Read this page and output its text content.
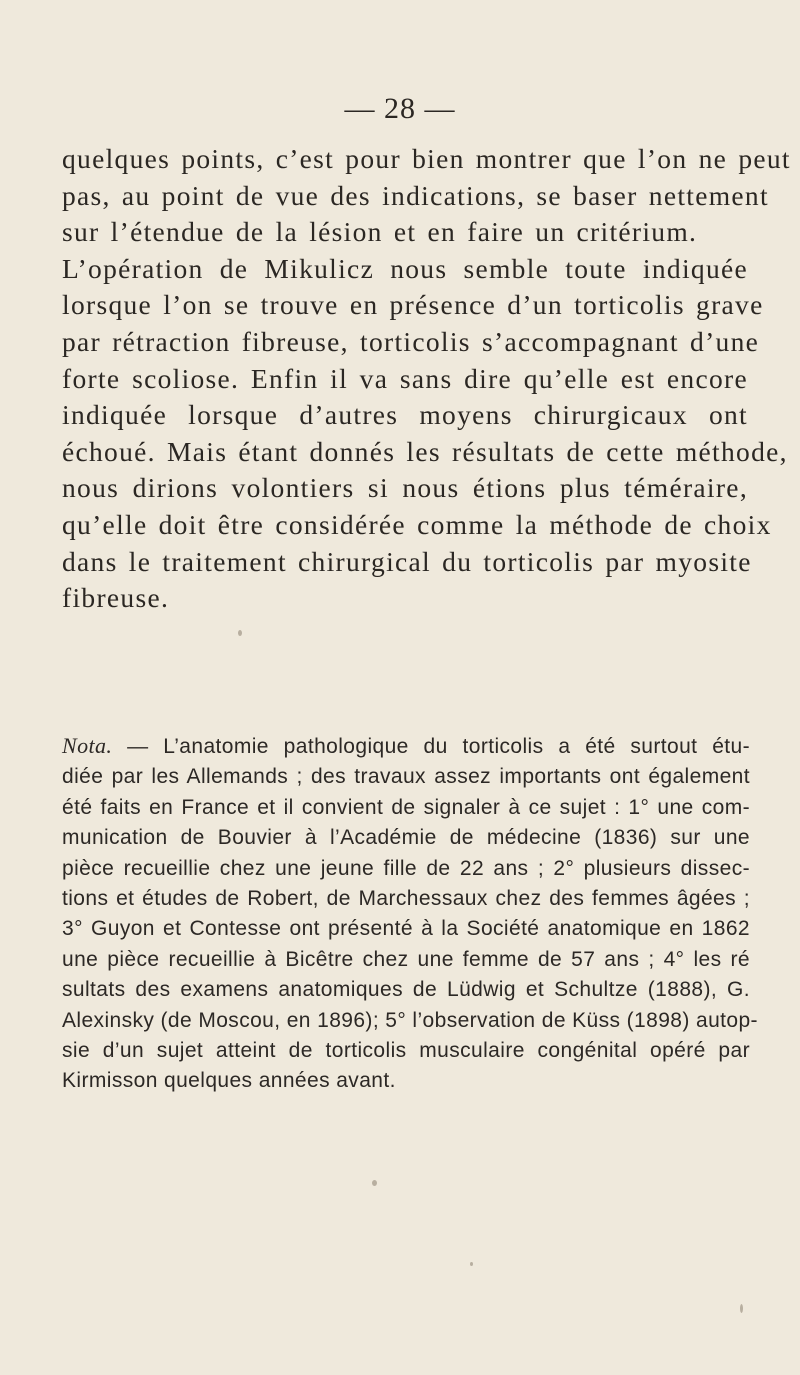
— 28 —
quelques points, c’est pour bien montrer que l’on ne peut
pas, au point de vue des indications, se baser nettement
sur l’étendue de la lésion et en faire un critérium.
L’opération de Mikulicz nous semble toute indiquée
lorsque l’on se trouve en présence d’un torticolis grave
par rétraction fibreuse, torticolis s’accompagnant d’une
forte scoliose. Enfin il va sans dire qu’elle est encore
indiquée lorsque d’autres moyens chirurgicaux ont
échoué. Mais étant donnés les résultats de cette méthode,
nous dirions volontiers si nous étions plus téméraire,
qu’elle doit être considérée comme la méthode de choix
dans le traitement chirurgical du torticolis par myosite
fibreuse.
Nota. — L’anatomie pathologique du torticolis a été surtout étu-
diée par les Allemands ; des travaux assez importants ont également
été faits en France et il convient de signaler à ce sujet : 1° une com-
munication de Bouvier à l’Académie de médecine (1836) sur une
pièce recueillie chez une jeune fille de 22 ans ; 2° plusieurs dissec-
tions et études de Robert, de Marchessaux chez des femmes âgées ;
3° Guyon et Contesse ont présenté à la Société anatomique en 1862
une pièce recueillie à Bicêtre chez une femme de 57 ans ; 4° les ré
sultats des examens anatomiques de Lüdwig et Schultze (1888), G.
Alexinsky (de Moscou, en 1896); 5° l’observation de Küss (1898) autop-
sie d’un sujet atteint de torticolis musculaire congénital opéré par
Kirmisson quelques années avant.
